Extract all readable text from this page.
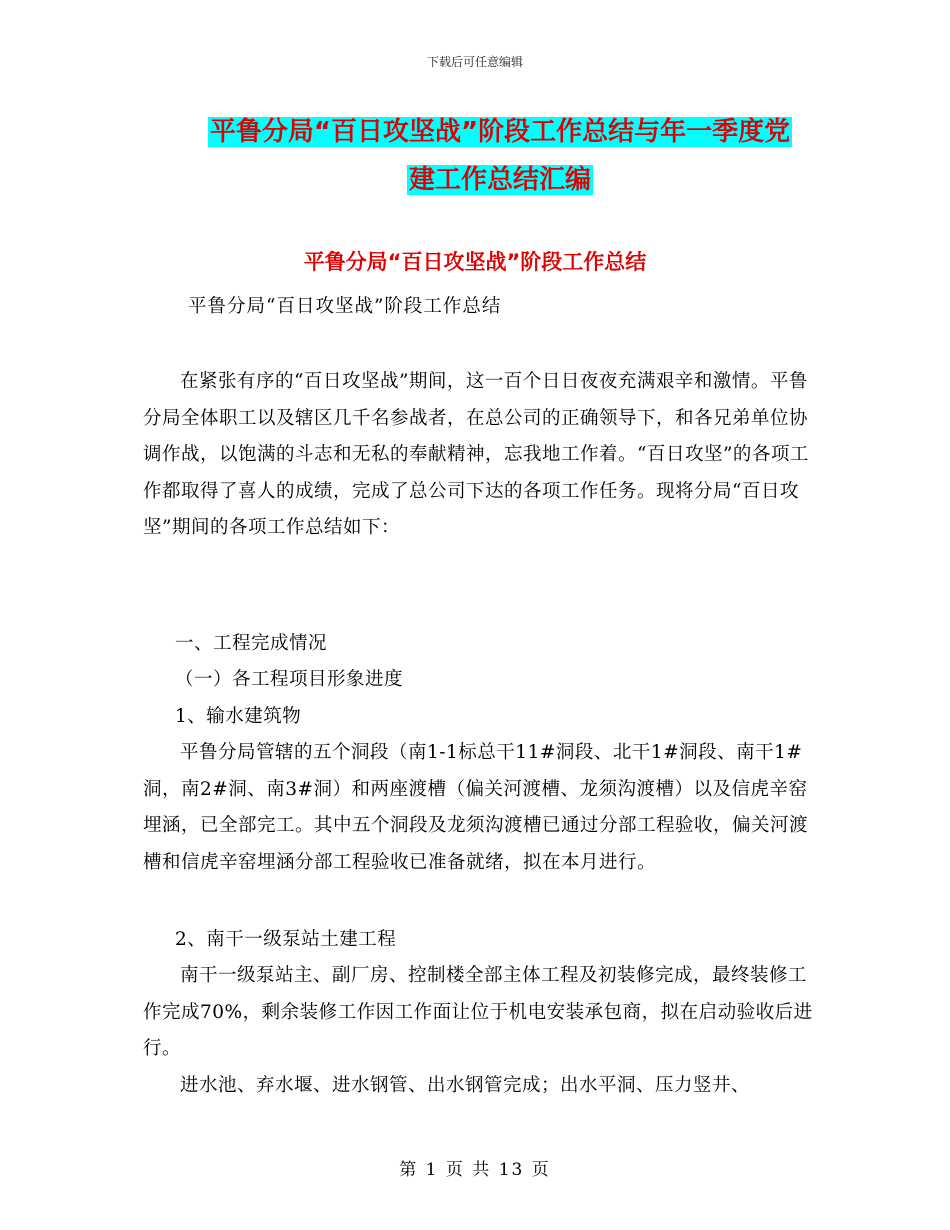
下载后可任意编辑
平鲁分局“百日攻坚战”阶段工作总结与年一季度党
建工作总结汇编
平鲁分局“百日攻坚战”阶段工作总结
平鲁分局“百日攻坚战”阶段工作总结
在紧张有序的“百日攻坚战”期间，这一百个日日夜夜充满艰辛和激情。平鲁分局全体职工以及辖区几千名参战者，在总公司的正确领导下，和各兄弟单位协调作战，以饱满的斗志和无私的奉献精神，忘我地工作着。“百日攻坚”的各项工作都取得了喜人的成绩，完成了总公司下达的各项工作任务。现将分局“百日攻坚”期间的各项工作总结如下：
一、工程完成情况
（一）各工程项目形象进度
1、输水建筑物
平鲁分局管辖的五个洞段（南1-1标总干11#洞段、北干1#洞段、南干1#洞，南2#洞、南3#洞）和两座渡槽（偏关河渡槽、龙须沟渡槽）以及信虎辛窑埋涵，已全部完工。其中五个洞段及龙须沟渡槽已通过分部工程验收，偏关河渡槽和信虎辛窑埋涵分部工程验收已准备就绪，拟在本月进行。
2、南干一级泵站土建工程
南干一级泵站主、副厂房、控制楼全部主体工程及初装修完成，最终装修工作完成70%，剩余装修工作因工作面让位于机电安装承包商，拟在启动验收后进行。
进水池、弃水堰、进水钢管、出水钢管完成；出水平洞、压力竖井、
第 1 页 共 13 页
